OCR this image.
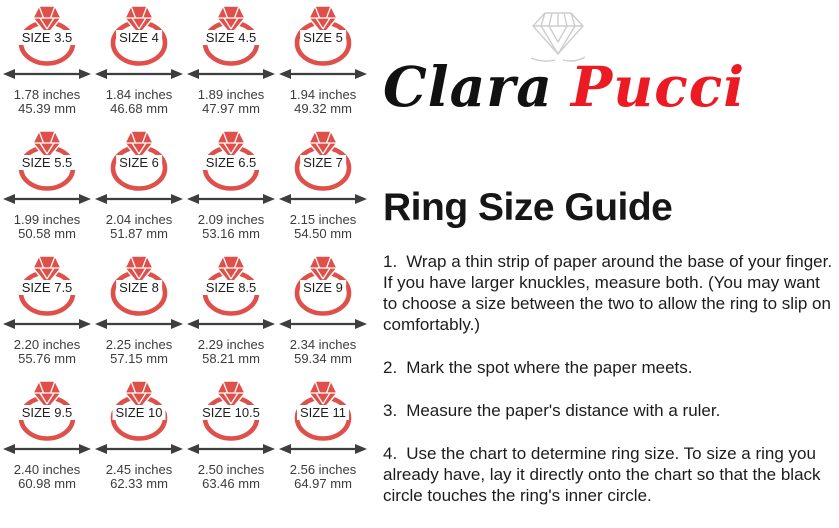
SIZE 3.5
1.78 inches
45.39 mm
SIZE 4
1.84 inches
46.68 mm
SIZE 4.5
1.89 inches
47.97 mm
SIZE 5
1.94 inches
49.32 mm
SIZE 5.5
1.99 inches
50.58 mm
SIZE 6
2.04 inches
51.87 mm
SIZE 6.5
2.09 inches
53.16 mm
SIZE 7
2.15 inches
54.50 mm
SIZE 7.5
2.20 inches
55.76 mm
SIZE 8
2.25 inches
57.15 mm
SIZE 8.5
2.29 inches
58.21 mm
SIZE 9
2.34 inches
59.34 mm
SIZE 9.5
2.40 inches
60.98 mm
SIZE 10
2.45 inches
62.33 mm
SIZE 10.5
2.50 inches
63.46 mm
SIZE 11
2.56 inches
64.97 mm
Clara Pucci
Ring Size Guide

1. Wrap a thin strip of paper around the base of your finger. If you have larger knuckles, measure both. (You may want to choose a size between the two to allow the ring to slip on comfortably.)

2. Mark the spot where the paper meets.

3. Measure the paper's distance with a ruler.

4. Use the chart to determine ring size. To size a ring you already have, lay it directly onto the chart so that the black circle touches the ring's inner circle.
